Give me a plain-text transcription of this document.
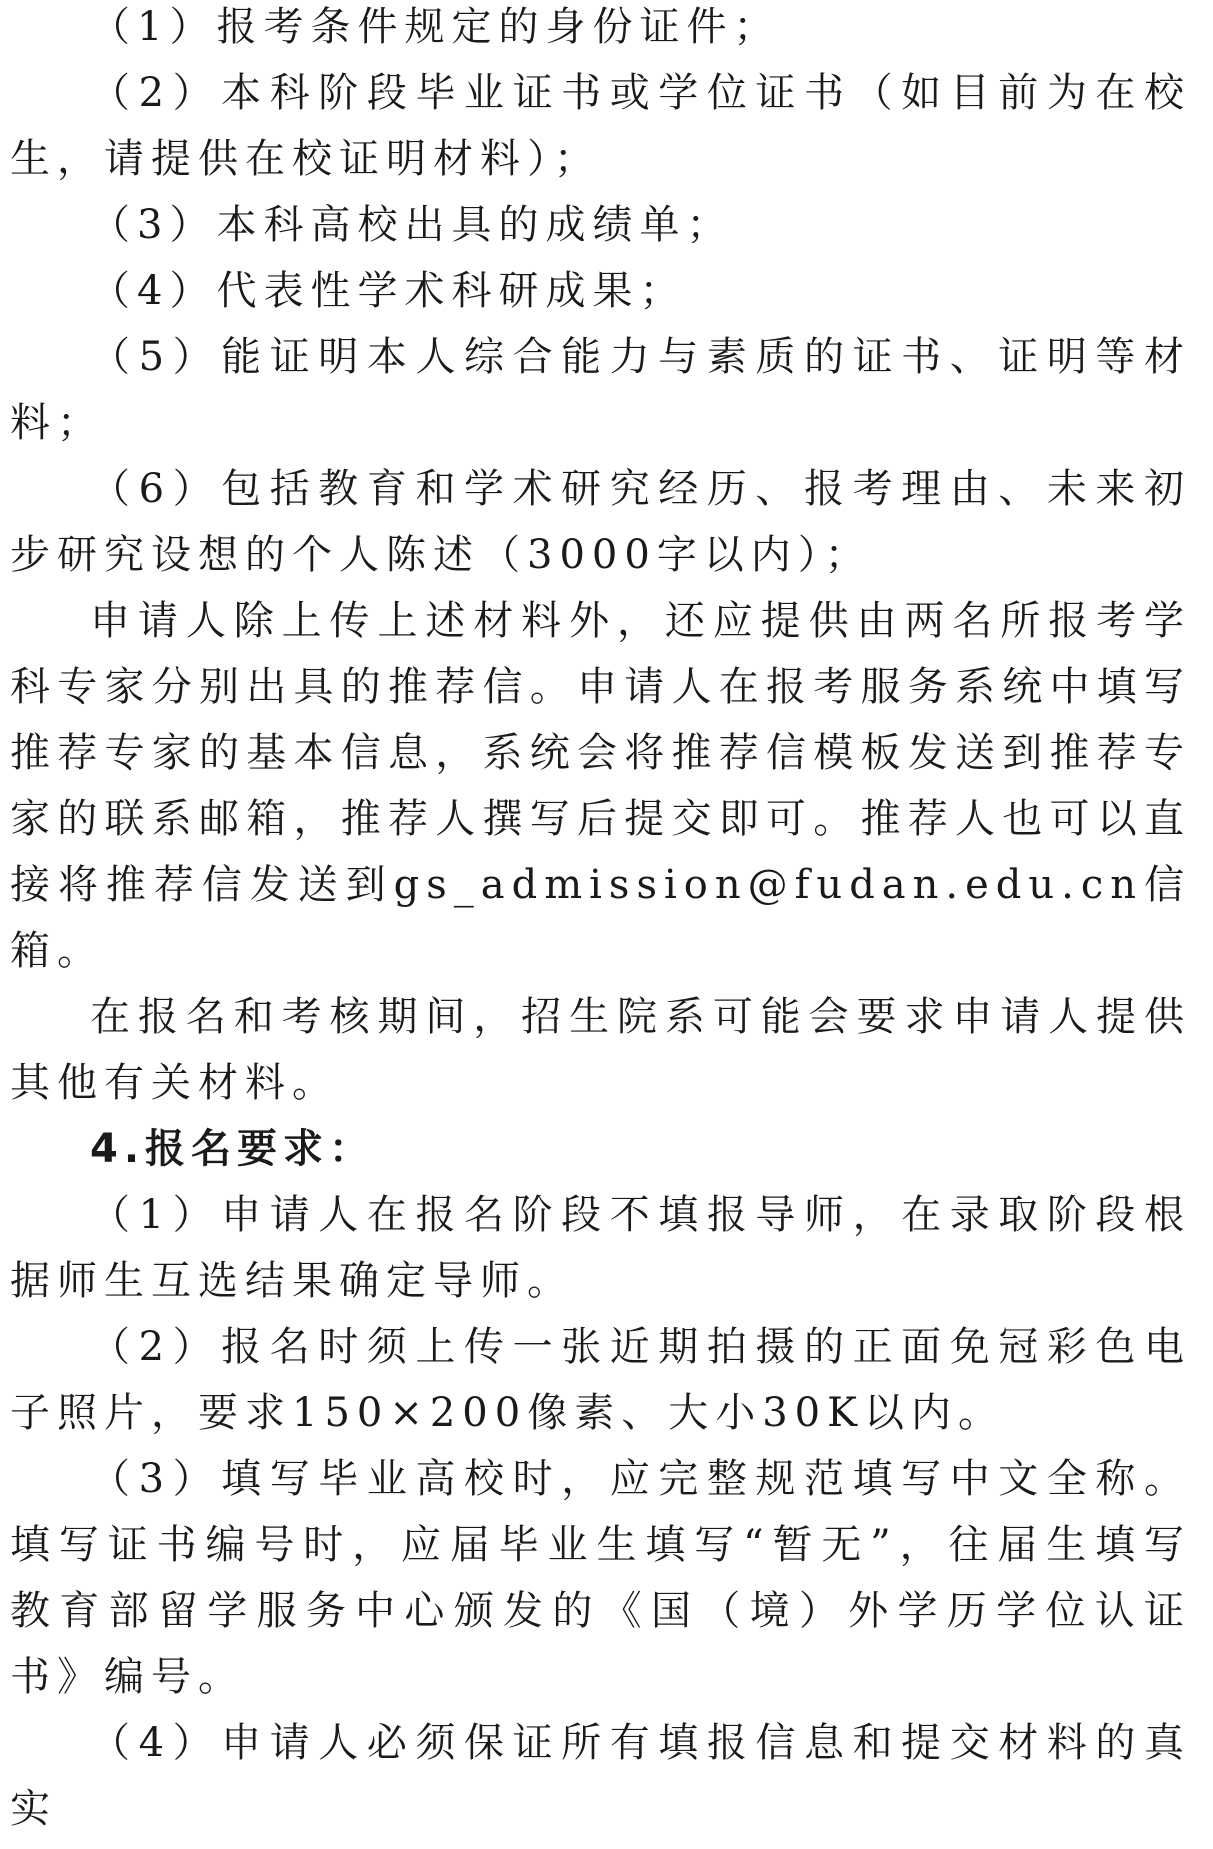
（1）报考条件规定的身份证件；

（2）本科阶段毕业证书或学位证书（如目前为在校生，请提供在校证明材料）；

（3）本科高校出具的成绩单；

（4）代表性学术科研成果；

（5）能证明本人综合能力与素质的证书、证明等材料；

（6）包括教育和学术研究经历、报考理由、未来初步研究设想的个人陈述（3000字以内）；

申请人除上传上述材料外，还应提供由两名所报考学科专家分别出具的推荐信。申请人在报考服务系统中填写推荐专家的基本信息，系统会将推荐信模板发送到推荐专家的联系邮箱，推荐人撰写后提交即可。推荐人也可以直接将推荐信发送到gs_admission@fudan.edu.cn信箱。

在报名和考核期间，招生院系可能会要求申请人提供其他有关材料。

4.报名要求：

（1）申请人在报名阶段不填报导师，在录取阶段根据师生互选结果确定导师。

（2）报名时须上传一张近期拍摄的正面免冠彩色电子照片，要求150×200像素、大小30K以内。

（3）填写毕业高校时，应完整规范填写中文全称。填写证书编号时，应届毕业生填写“暂无”，往届生填写教育部留学服务中心颁发的《国（境）外学历学位认证书》编号。

（4）申请人必须保证所有填报信息和提交材料的真实
